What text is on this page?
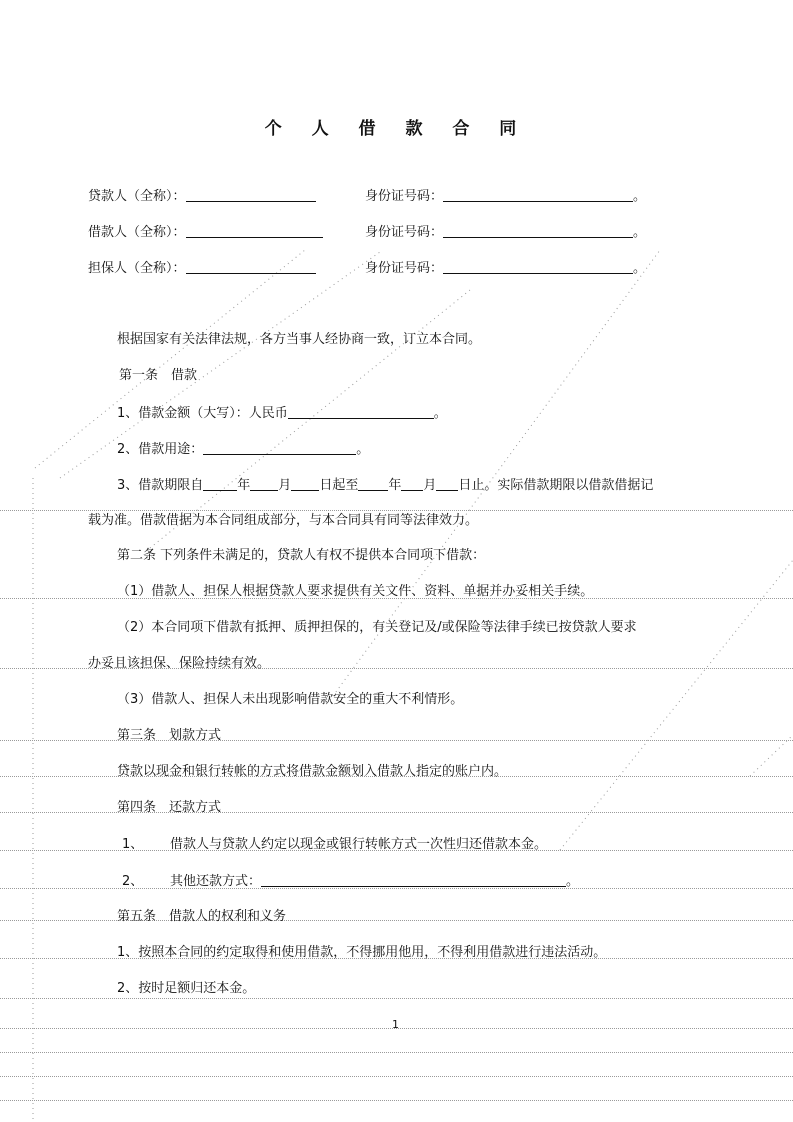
个 人 借 款 合 同
贷款人（全称）：	身份证号码：	。
借款人（全称）：	身份证号码：	。
担保人（全称）：	身份证号码：	。
根据国家有关法律法规，各方当事人经协商一致，订立本合同。
第一条　借款
1、借款金额（大写）：人民币	。
2、借款用途：	。
3、借款期限自	年 月 日起至 年 月 日止。实际借款期限以借款借据记
载为准。借款借据为本合同组成部分，与本合同具有同等法律效力。
第二条 下列条件未满足的，贷款人有权不提供本合同项下借款：
（1）借款人、担保人根据贷款人要求提供有关文件、资料、单据并办妥相关手续。
（2）本合同项下借款有抵押、质押担保的，有关登记及/或保险等法律手续已按贷款人要求
办妥且该担保、保险持续有效。
（3）借款人、担保人未出现影响借款安全的重大不利情形。
第三条　划款方式
贷款以现金和银行转帐的方式将借款金额划入借款人指定的账户内。
第四条　还款方式
1、 借款人与贷款人约定以现金或银行转帐方式一次性归还借款本金。
2、 其他还款方式：	。
第五条　借款人的权利和义务
1、按照本合同的约定取得和使用借款，不得挪用他用，不得利用借款进行违法活动。
2、按时足额归还本金。
1
